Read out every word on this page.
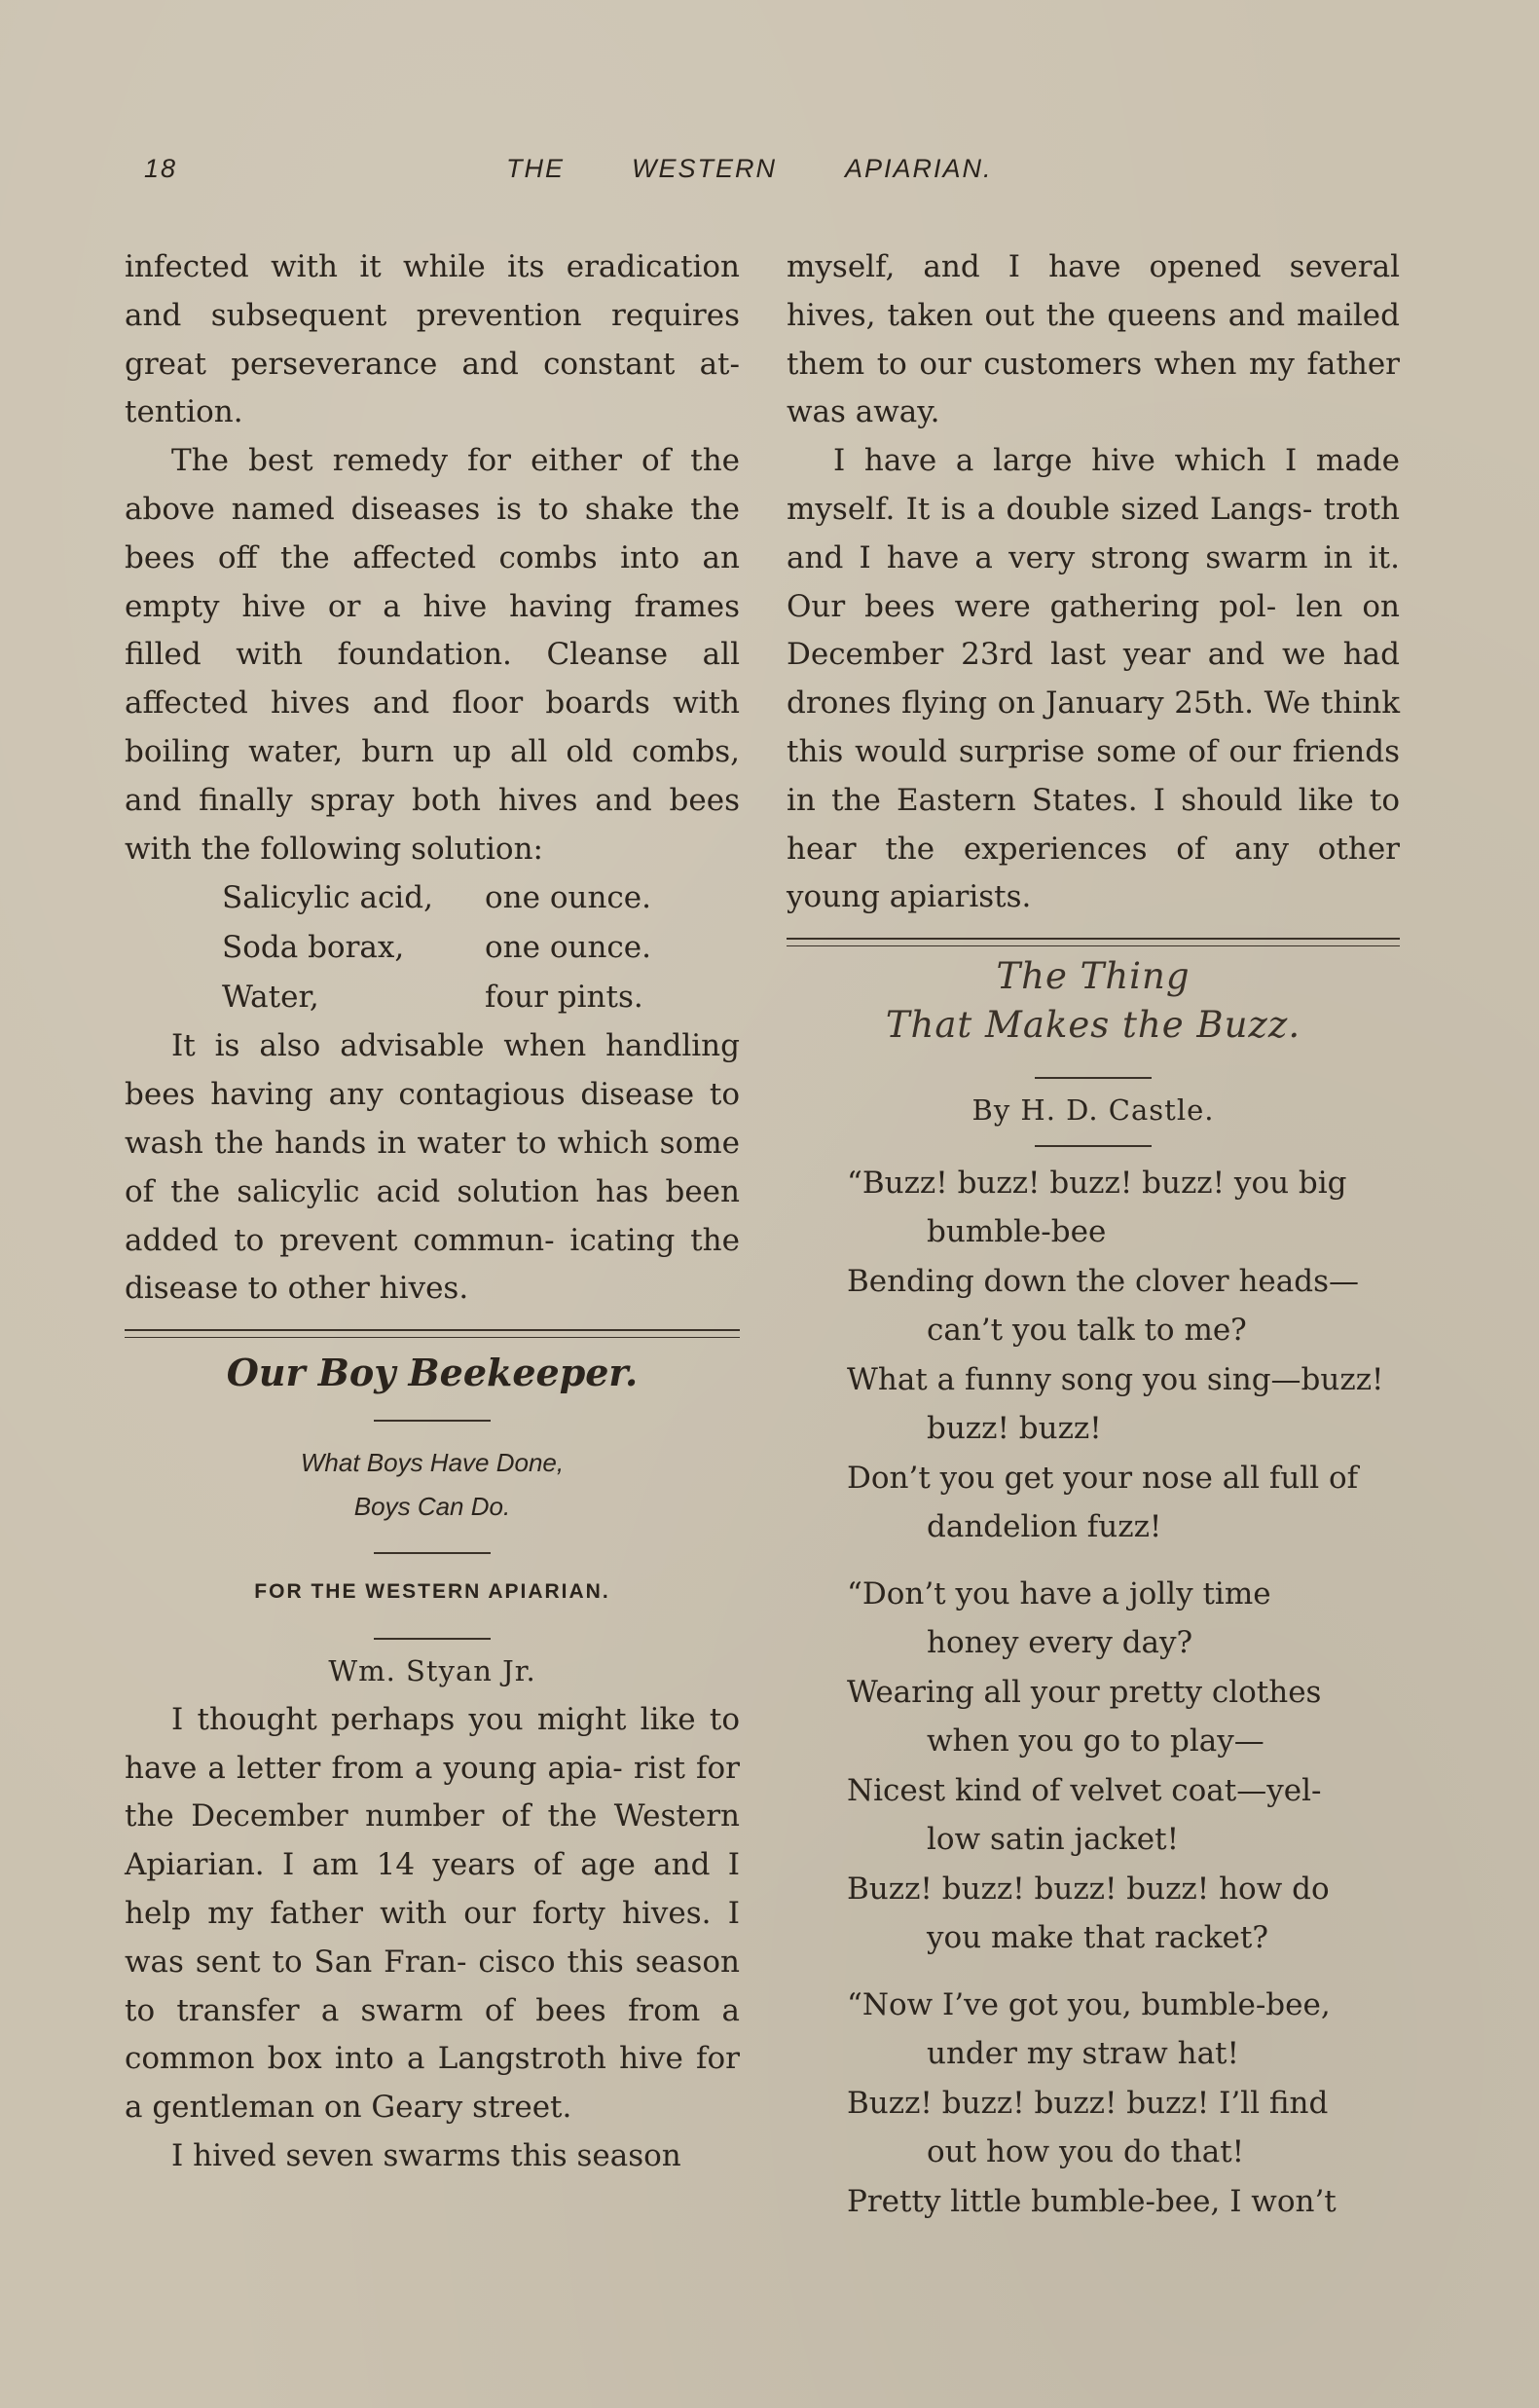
18	THE	WESTERN	APIARIAN.

infected with it while its eradication and subsequent prevention requires great perseverance and constant at- tention.

The best remedy for either of the above named diseases is to shake the bees off the affected combs into an empty hive or a hive having frames filled with foundation. Cleanse all affected hives and floor boards with boiling water, burn up all old combs, and finally spray both hives and bees with the following solution:

Salicylic acid,	one ounce.
Soda borax,	one ounce.
Water,	four pints.

It is also advisable when handling bees having any contagious disease to wash the hands in water to which some of the salicylic acid solution has been added to prevent commun- icating the disease to other hives.

Our Boy Beekeeper.
What Boys Have Done,
Boys Can Do.
FOR THE WESTERN APIARIAN.
Wm. Styan Jr.

I thought perhaps you might like to have a letter from a young apia- rist for the December number of the Western Apiarian. I am 14 years of age and I help my father with our forty hives. I was sent to San Fran- cisco this season to transfer a swarm of bees from a common box into a Langstroth hive for a gentleman on Geary street.

I hived seven swarms this season

myself, and I have opened several hives, taken out the queens and mailed them to our customers when my father was away.

I have a large hive which I made myself. It is a double sized Langs- troth and I have a very strong swarm in it. Our bees were gathering pol- len on December 23rd last year and we had drones flying on January 25th. We think this would surprise some of our friends in the Eastern States. I should like to hear the experiences of any other young apiarists.

The Thing
That Makes the Buzz.
By H. D. Castle.
“Buzz! buzz! buzz! buzz! you big
bumble-bee
Bending down the clover heads—
can’t you talk to me?
What a funny song you sing—buzz!
buzz! buzz!
Don’t you get your nose all full of
dandelion fuzz!
“Don’t you have a jolly time
honey every day?
Wearing all your pretty clothes
when you go to play—
Nicest kind of velvet coat—yel-
low satin jacket!
Buzz! buzz! buzz! buzz! how do
you make that racket?
“Now I’ve got you, bumble-bee,
under my straw hat!
Buzz! buzz! buzz! buzz! I’ll find
out how you do that!
Pretty little bumble-bee, I won’t
